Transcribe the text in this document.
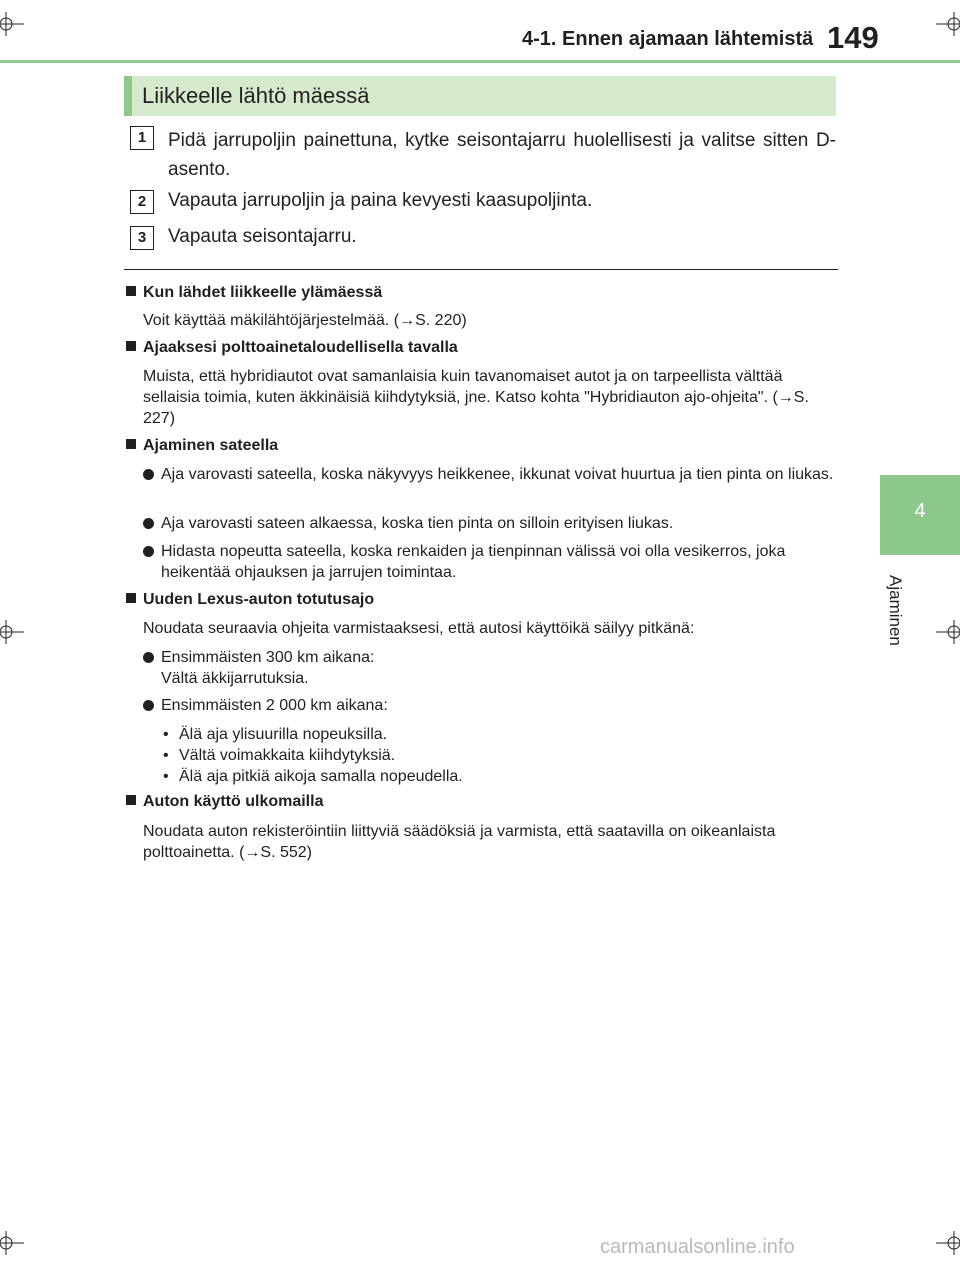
4-1. Ennen ajamaan lähtemistä 149
4
Ajaminen
Liikkeelle lähtö mäessä
1	Pidä jarrupoljin painettuna, kytke seisontajarru huolellisesti ja valitse sitten D-asento.
2	Vapauta jarrupoljin ja paina kevyesti kaasupoljinta.
3	Vapauta seisontajarru.
Kun lähdet liikkeelle ylämäessä
Voit käyttää mäkilähtöjärjestelmää. (→S. 220)
Ajaaksesi polttoainetaloudellisella tavalla
Muista, että hybridiautot ovat samanlaisia kuin tavanomaiset autot ja on tarpeellista välttää sellaisia toimia, kuten äkkinäisiä kiihdytyksiä, jne. Katso kohta "Hybridiauton ajo-ohjeita". (→S. 227)
Ajaminen sateella
Aja varovasti sateella, koska näkyvyys heikkenee, ikkunat voivat huurtua ja tien pinta on liukas.
Aja varovasti sateen alkaessa, koska tien pinta on silloin erityisen liukas.
Hidasta nopeutta sateella, koska renkaiden ja tienpinnan välissä voi olla vesikerros, joka heikentää ohjauksen ja jarrujen toimintaa.
Uuden Lexus-auton totutusajo
Noudata seuraavia ohjeita varmistaaksesi, että autosi käyttöikä säilyy pitkänä:
Ensimmäisten 300 km aikana:
Vältä äkkijarrutuksia.
Ensimmäisten 2 000 km aikana:
• Älä aja ylisuurilla nopeuksilla.
• Vältä voimakkaita kiihdytyksiä.
• Älä aja pitkiä aikoja samalla nopeudella.
Auton käyttö ulkomailla
Noudata auton rekisteröintiin liittyviä säädöksiä ja varmista, että saatavilla on oikeanlaista polttoainetta. (→S. 552)
carmanualsonline.info
